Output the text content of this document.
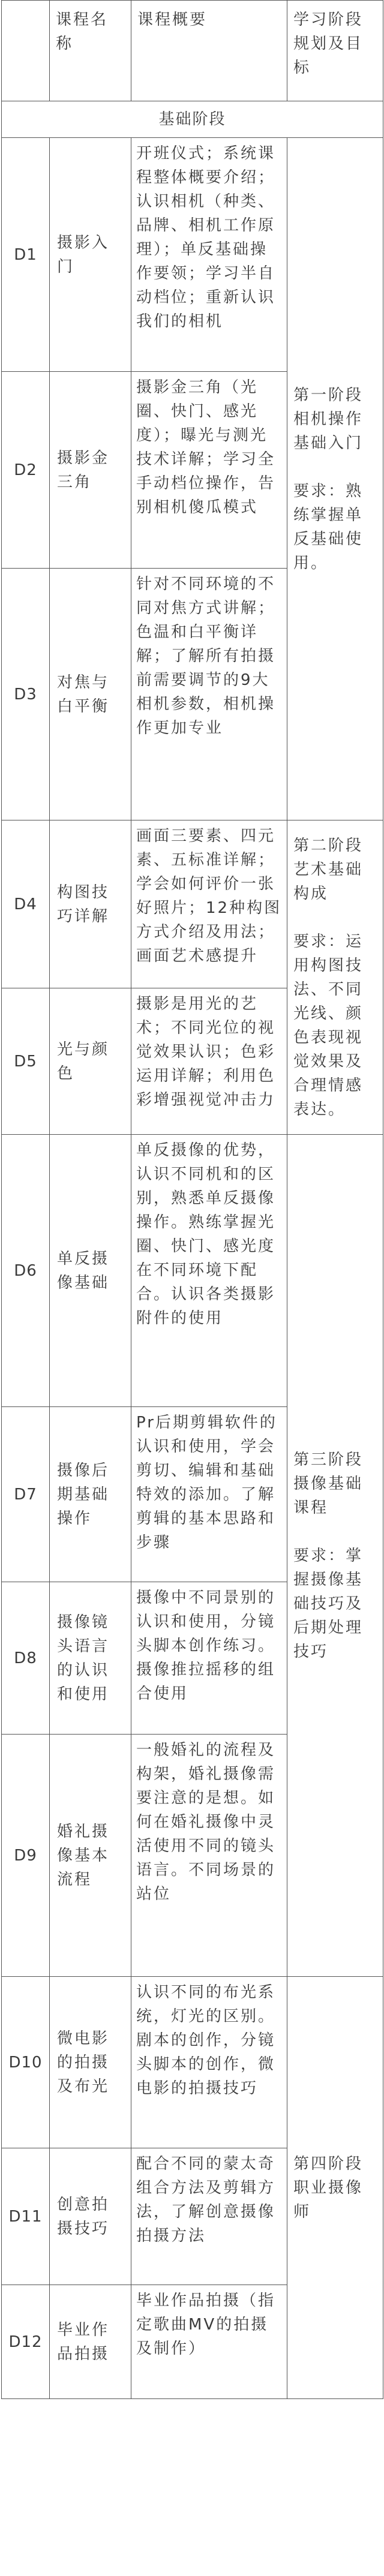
	课程名称	课程概要	学习阶段规划及目标
基础阶段			
D1	摄影入门	开班仪式；系统课程整体概要介绍；认识相机（种类、品牌、相机工作原理）；单反基础操作要领；学习半自动档位；重新认识我们的相机	第一阶段相机操作基础入门
要求：熟练掌握单反基础使用。

D2	摄影金三角	摄影金三角（光圈、快门、感光度）；曝光与测光技术详解；学习全手动档位操作，告别相机傻瓜模式	
D3	对焦与白平衡	针对不同环境的不同对焦方式讲解；色温和白平衡详解；了解所有拍摄前需要调节的9大相机参数，相机操作更加专业	
D4	构图技巧详解	画面三要素、四元素、五标准详解；学会如何评价一张好照片；12种构图方式介绍及用法；画面艺术感提升	第二阶段艺术基础构成
要求：运用构图技法、不同光线、颜色表现视觉效果及合理情感表达。

D5	光与颜色	摄影是用光的艺术；不同光位的视觉效果认识；色彩运用详解；利用色彩增强视觉冲击力	
D6	单反摄像基础	单反摄像的优势，认识不同机和的区别，熟悉单反摄像操作。熟练掌握光圈、快门、感光度在不同环境下配合。认识各类摄影附件的使用	第三阶段摄像基础课程
要求：掌握摄像基础技巧及后期处理技巧

D7	摄像后期基础操作	Pr后期剪辑软件的认识和使用，学会剪切、编辑和基础特效的添加。了解剪辑的基本思路和步骤	
D8	摄像镜头语言的认识和使用	摄像中不同景别的认识和使用，分镜头脚本创作练习。摄像推拉摇移的组合使用	
D9	婚礼摄像基本流程	一般婚礼的流程及构架，婚礼摄像需要注意的是想。如何在婚礼摄像中灵活使用不同的镜头语言。不同场景的站位	
D10	微电影的拍摄及布光	认识不同的布光系统，灯光的区别。剧本的创作，分镜头脚本的创作，微电影的拍摄技巧	第四阶段职业摄像师

D11	创意拍摄技巧	配合不同的蒙太奇组合方法及剪辑方法，了解创意摄像拍摄方法	
D12	毕业作品拍摄	毕业作品拍摄（指定歌曲MV的拍摄及制作）	
